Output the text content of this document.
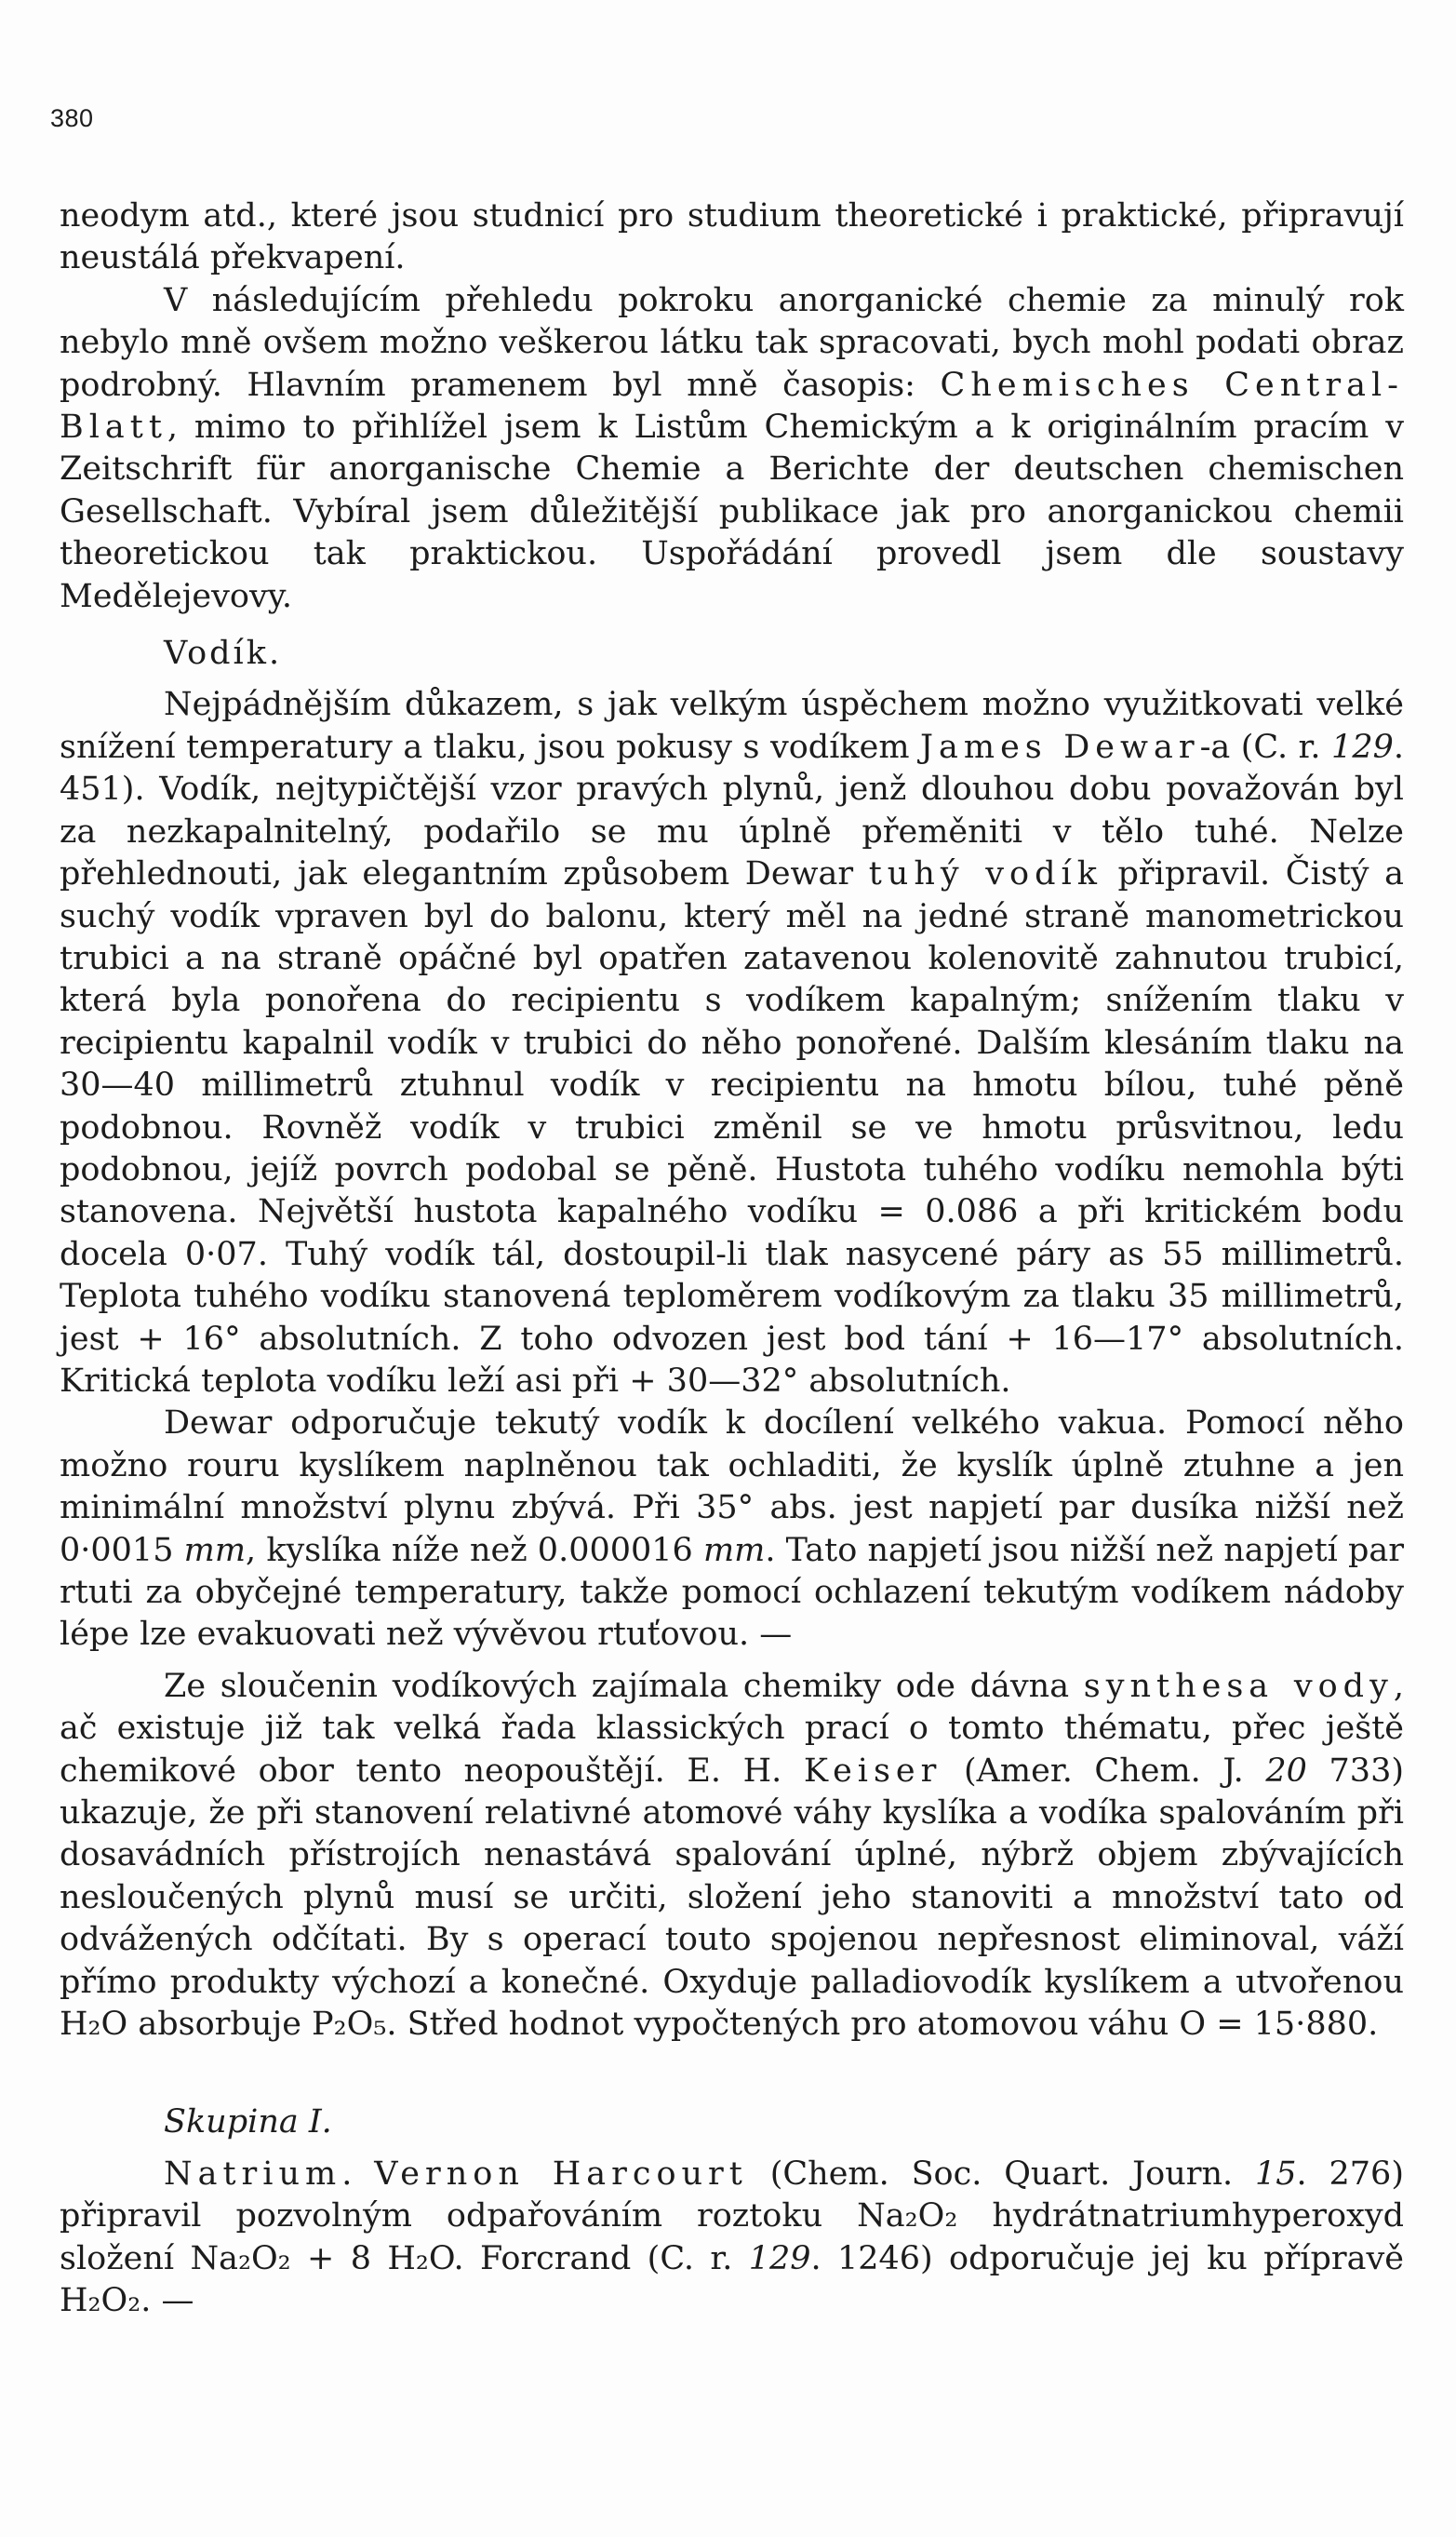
380

neodym atd., které jsou studnicí pro studium theoretické i praktické, připravují neustálá překvapení.

V následujícím přehledu pokroku anorganické chemie za minulý rok nebylo mně ovšem možno veškerou látku tak spracovati, bych mohl podati obraz podrobný. Hlavním pramenem byl mně časopis: Chemisches Central-Blatt, mimo to přihlížel jsem k Listům Chemickým a k originálním pracím v Zeitschrift für anorganische Chemie a Berichte der deutschen chemischen Gesellschaft. Vybíral jsem důležitější publikace jak pro anorganickou chemii theoretickou tak praktickou. Uspořádání provedl jsem dle soustavy Medělejevovy.

Vodík.

Nejpádnějším důkazem, s jak velkým úspěchem možno využitkovati velké snížení temperatury a tlaku, jsou pokusy s vodíkem James Dewar-a (C. r. 129. 451). Vodík, nejtypičtější vzor pravých plynů, jenž dlouhou dobu považován byl za nezkapalnitelný, podařilo se mu úplně přeměniti v tělo tuhé. Nelze přehlednouti, jak elegantním způsobem Dewar tuhý vodík připravil. Čistý a suchý vodík vpraven byl do balonu, který měl na jedné straně manometrickou trubici a na straně opáčné byl opatřen zatavenou kolenovitě zahnutou trubicí, která byla ponořena do recipientu s vodíkem kapalným; snížením tlaku v recipientu kapalnil vodík v trubici do něho ponořené. Dalším klesáním tlaku na 30—40 millimetrů ztuhnul vodík v recipientu na hmotu bílou, tuhé pěně podobnou. Rovněž vodík v trubici změnil se ve hmotu průsvitnou, ledu podobnou, jejíž povrch podobal se pěně. Hustota tuhého vodíku nemohla býti stanovena. Největší hustota kapalného vodíku = 0.086 a při kritickém bodu docela 0·07. Tuhý vodík tál, dostoupil-li tlak nasycené páry as 55 millimetrů. Teplota tuhého vodíku stanovená teploměrem vodíkovým za tlaku 35 millimetrů, jest + 16° absolutních. Z toho odvozen jest bod tání + 16—17° absolutních. Kritická teplota vodíku leží asi při + 30—32° absolutních.

Dewar odporučuje tekutý vodík k docílení velkého vakua. Pomocí něho možno rouru kyslíkem naplněnou tak ochladiti, že kyslík úplně ztuhne a jen minimální množství plynu zbývá. Při 35° abs. jest napjetí par dusíka nižší než 0·0015 mm, kyslíka níže než 0.000016 mm. Tato napjetí jsou nižší než napjetí par rtuti za obyčejné temperatury, takže pomocí ochlazení tekutým vodíkem nádoby lépe lze evakuovati než vývěvou rtuťovou. —

Ze sloučenin vodíkových zajímala chemiky ode dávna synthesa vody, ač existuje již tak velká řada klassických prací o tomto thématu, přec ještě chemikové obor tento neopouštějí. E. H. Keiser (Amer. Chem. J. 20 733) ukazuje, že při stanovení relativné atomové váhy kyslíka a vodíka spalováním při dosavádních přístrojích nenastává spalování úplné, nýbrž objem zbývajících nesloučených plynů musí se určiti, složení jeho stanoviti a množství tato od odvážených odčítati. By s operací touto spojenou nepřesnost eliminoval, váží přímo produkty výchozí a konečné. Oxyduje palladiovodík kyslíkem a utvořenou H₂O absorbuje P₂O₅. Střed hodnot vypočtených pro atomovou váhu O = 15·880.

Skupina I.

Natrium. Vernon Harcourt (Chem. Soc. Quart. Journ. 15. 276) připravil pozvolným odpařováním roztoku Na₂O₂ hydrátnatriumhyperoxyd složení Na₂O₂ + 8 H₂O. Forcrand (C. r. 129. 1246) odporučuje jej ku přípravě H₂O₂. —
